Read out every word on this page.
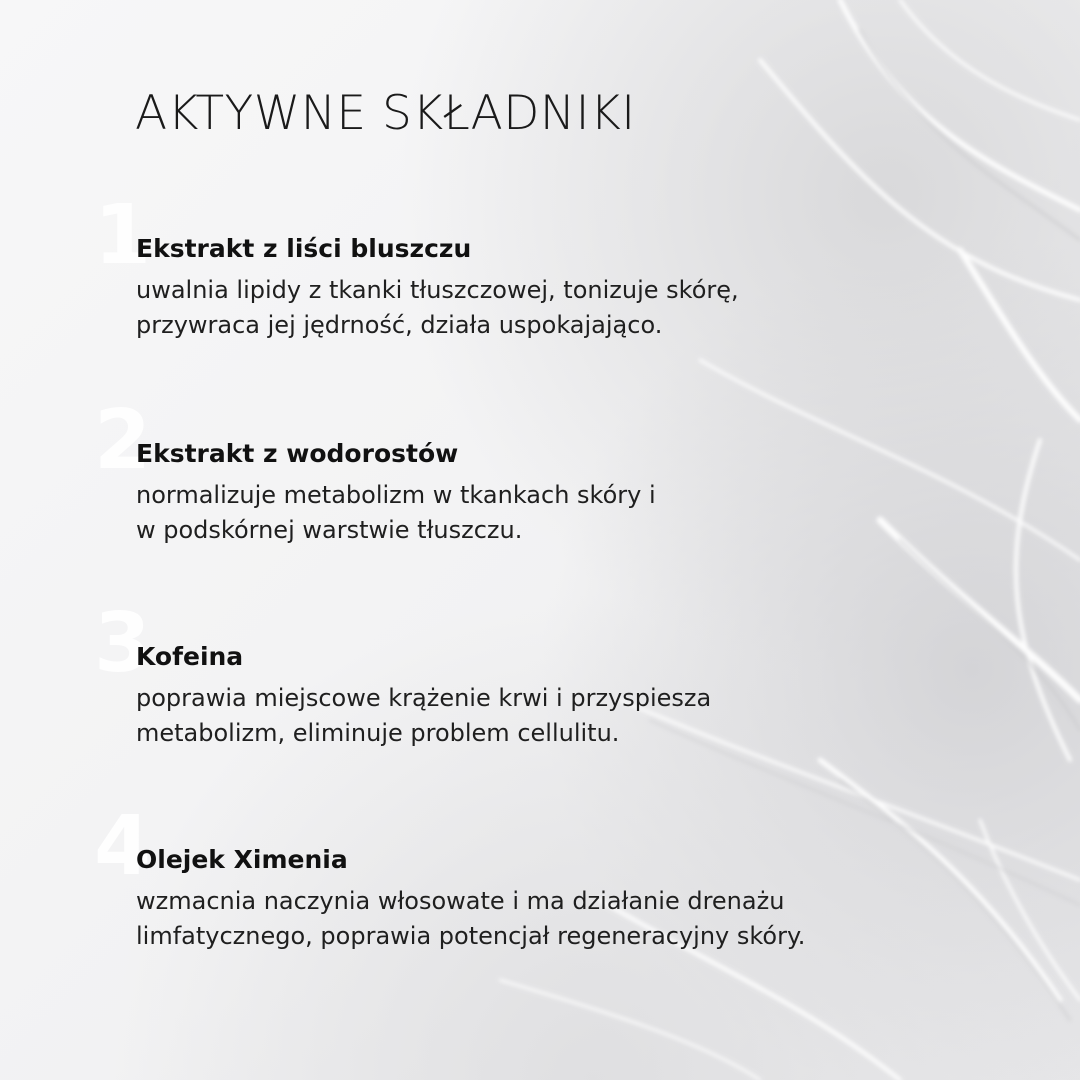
AKTYWNE SKŁADNIKI
1
Ekstrakt z liści bluszczu

uwalnia lipidy z tkanki tłuszczowej, tonizuje skórę,
przywraca jej jędrność, działa uspokajająco.

2
Ekstrakt z wodorostów

normalizuje metabolizm w tkankach skóry i
w podskórnej warstwie tłuszczu.

3
Kofeina

poprawia miejscowe krążenie krwi i przyspiesza
metabolizm, eliminuje problem cellulitu.

4
Olejek Ximenia

wzmacnia naczynia włosowate i ma działanie drenażu
limfatycznego, poprawia potencjał regeneracyjny skóry.
